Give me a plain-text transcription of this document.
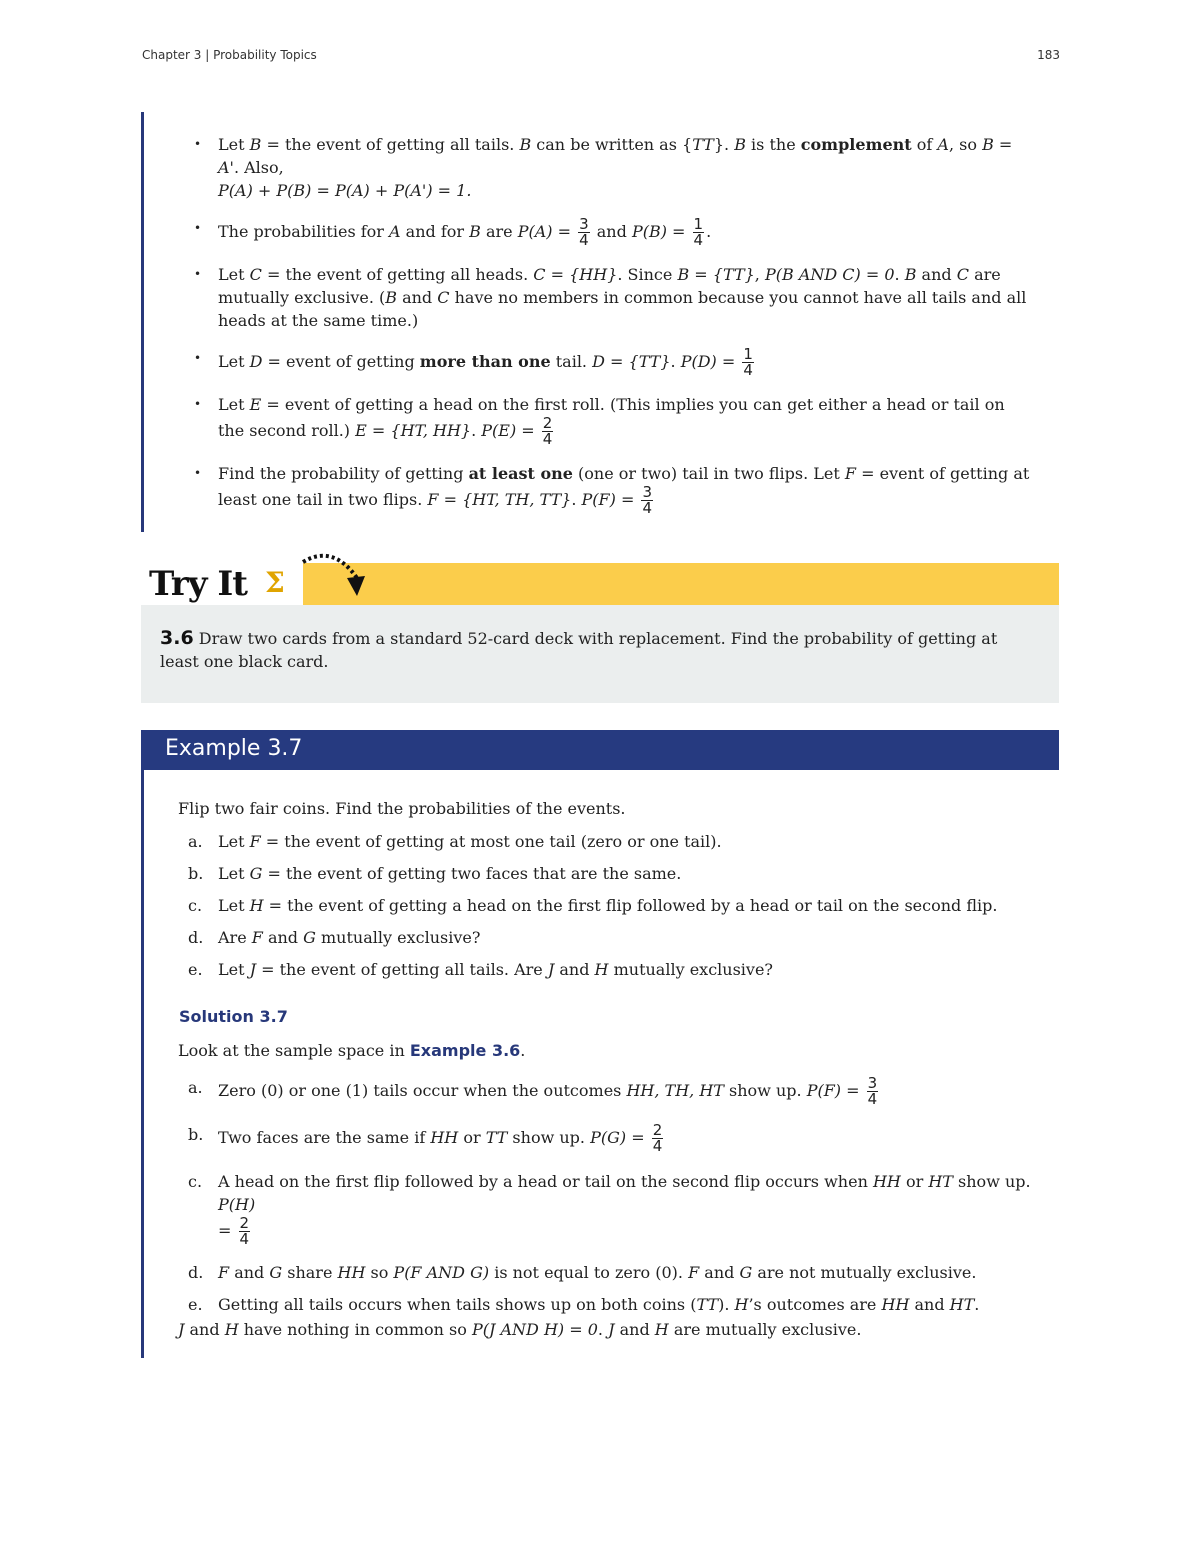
Chapter 3 | Probability Topics	183
• Let B = the event of getting all tails. B can be written as {TT}. B is the complement of A, so B = A'. Also,
P(A) + P(B) = P(A) + P(A') = 1.
• The probabilities for A and for B are $P(A) = \frac{3}{4}$ and $P(B) = \frac{1}{4}$ .
• Let C = the event of getting all heads. C = {HH}. Since B = {TT}, P(B AND C) = 0. B and C are mutually exclusive. (B and C have no members in common because you cannot have all tails and all heads at the same time.)
• Let D = event of getting more than one tail. D = {TT}. $P(D) = \frac{1}{4}$
• Let E = event of getting a head on the first roll. (This implies you can get either a head or tail on the second roll.) E = {HT, HH}. $P(E) = \frac{2}{4}$
• Find the probability of getting at least one (one or two) tail in two flips. Let F = event of getting at least one tail in two flips. F = {HT, TH, TT}. $P(F) = \frac{3}{4}$
Try It Σ
3.6 Draw two cards from a standard 52-card deck with replacement. Find the probability of getting at least one black card.
Example 3.7
Flip two fair coins. Find the probabilities of the events.
a. Let F = the event of getting at most one tail (zero or one tail).
b. Let G = the event of getting two faces that are the same.
c. Let H = the event of getting a head on the first flip followed by a head or tail on the second flip.
d. Are F and G mutually exclusive?
e. Let J = the event of getting all tails. Are J and H mutually exclusive?
Solution 3.7
Look at the sample space in Example 3.6.
a. Zero (0) or one (1) tails occur when the outcomes HH, TH, HT show up. $P(F) = \frac{3}{4}$
b. Two faces are the same if HH or TT show up. $P(G) = \frac{2}{4}$
c. A head on the first flip followed by a head or tail on the second flip occurs when HH or HT show up. P(H)
= $\frac{2}{4}$
d. F and G share HH so P(F AND G) is not equal to zero (0). F and G are not mutually exclusive.
e. Getting all tails occurs when tails shows up on both coins (TT). H’s outcomes are HH and HT.
J and H have nothing in common so P(J AND H) = 0. J and H are mutually exclusive.
